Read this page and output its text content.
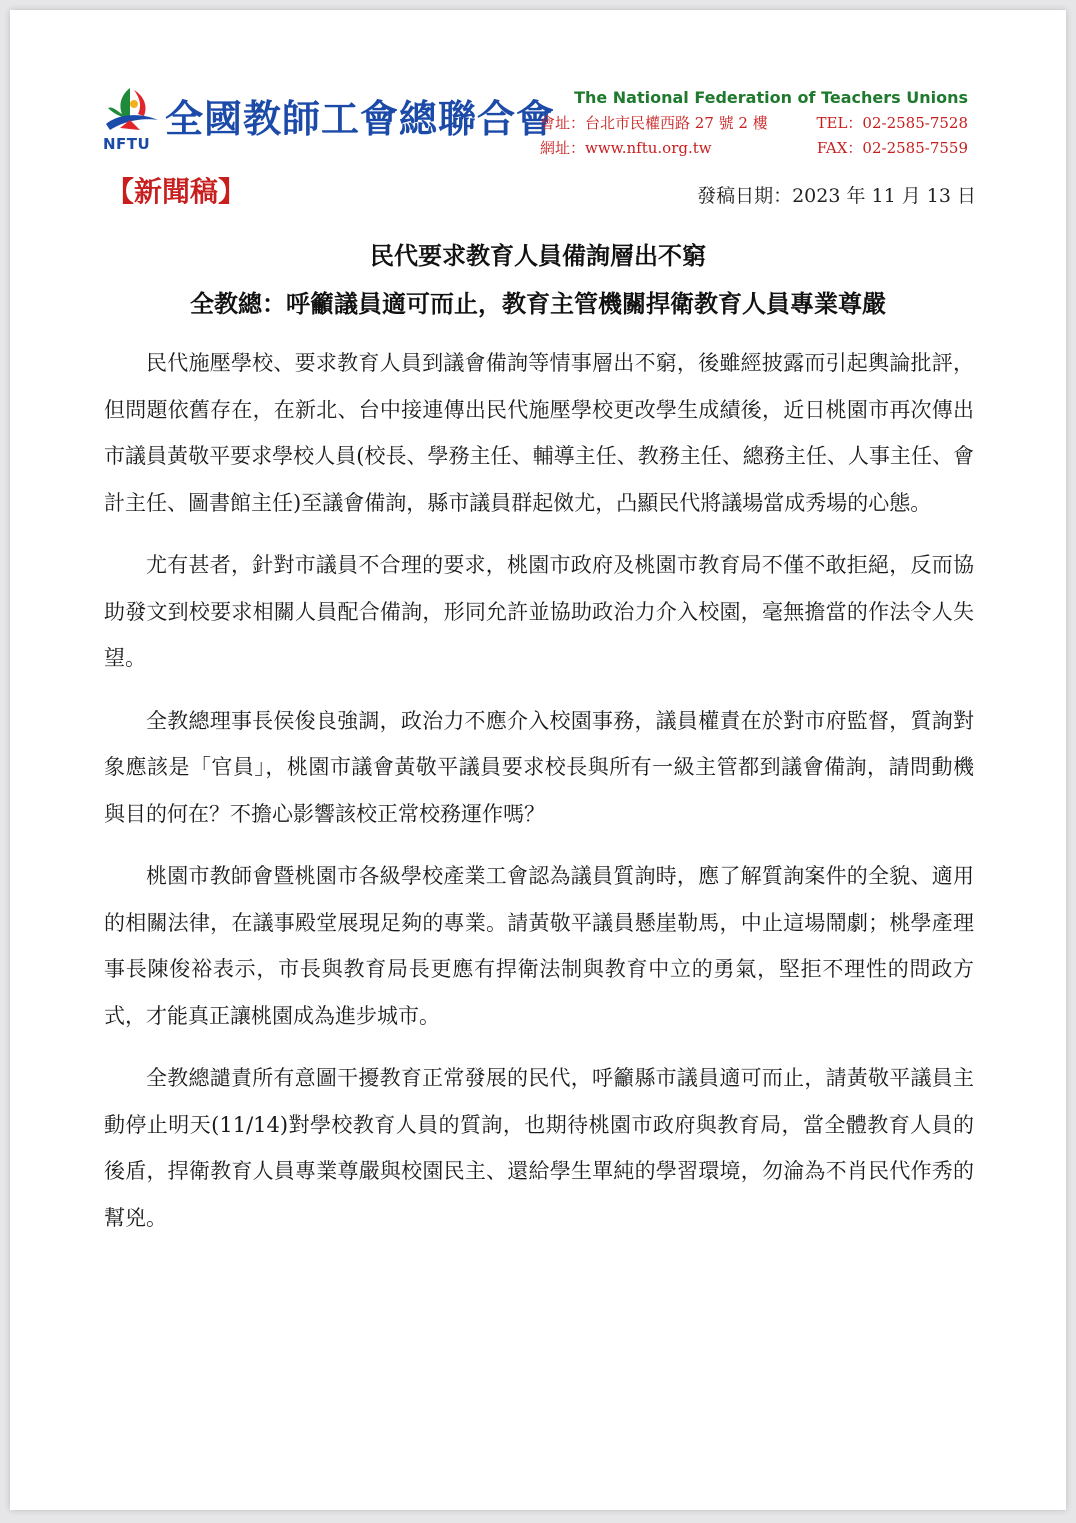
NFTU
全國教師工會總聯合會 The National Federation of Teachers Unions
會址：台北市民權西路 27 號 2 樓	TEL：02-2585-7528
網址：www.nftu.org.tw	FAX：02-2585-7559
【新聞稿】	發稿日期：2023 年 11 月 13 日
民代要求教育人員備詢層出不窮
全教總：呼籲議員適可而止，教育主管機關捍衛教育人員專業尊嚴

民代施壓學校、要求教育人員到議會備詢等情事層出不窮，後雖經披露而引起輿論批評，但問題依舊存在，在新北、台中接連傳出民代施壓學校更改學生成績後，近日桃園市再次傳出市議員黃敬平要求學校人員(校長、學務主任、輔導主任、教務主任、總務主任、人事主任、會計主任、圖書館主任)至議會備詢，縣市議員群起傚尤，凸顯民代將議場當成秀場的心態。

尤有甚者，針對市議員不合理的要求，桃園市政府及桃園市教育局不僅不敢拒絕，反而協助發文到校要求相關人員配合備詢，形同允許並協助政治力介入校園，毫無擔當的作法令人失望。

全教總理事長侯俊良強調，政治力不應介入校園事務，議員權責在於對市府監督，質詢對象應該是「官員」，桃園市議會黃敬平議員要求校長與所有一級主管都到議會備詢，請問動機與目的何在？不擔心影響該校正常校務運作嗎？

桃園市教師會暨桃園市各級學校產業工會認為議員質詢時，應了解質詢案件的全貌、適用的相關法律，在議事殿堂展現足夠的專業。請黃敬平議員懸崖勒馬，中止這場鬧劇；桃學產理事長陳俊裕表示，市長與教育局長更應有捍衛法制與教育中立的勇氣，堅拒不理性的問政方式，才能真正讓桃園成為進步城市。

全教總譴責所有意圖干擾教育正常發展的民代，呼籲縣市議員適可而止，請黃敬平議員主動停止明天(11/14)對學校教育人員的質詢，也期待桃園市政府與教育局，當全體教育人員的後盾，捍衛教育人員專業尊嚴與校園民主、還給學生單純的學習環境，勿淪為不肖民代作秀的幫兇。
